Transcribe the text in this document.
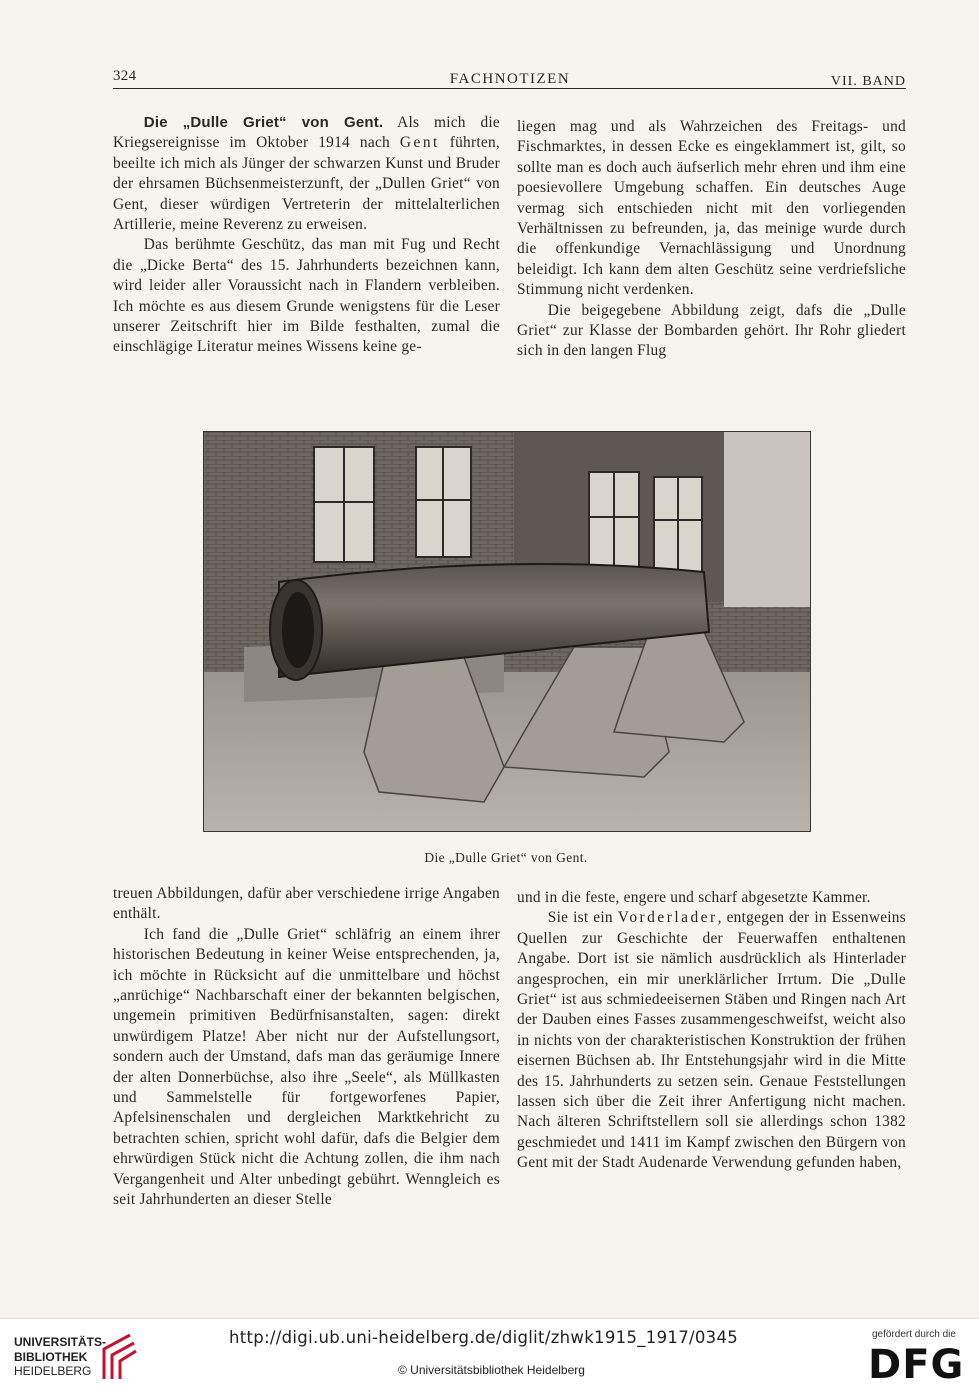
324	FACHNOTIZEN	VII. BAND

Die „Dulle Griet“ von Gent. Als mich die Kriegsereignisse im Oktober 1914 nach Gent führten, beeilte ich mich als Jünger der schwarzen Kunst und Bruder der ehrsamen Büchsenmeisterzunft, der „Dullen Griet“ von Gent, dieser würdigen Vertreterin der mittelalterlichen Artillerie, meine Reverenz zu erweisen.

Das berühmte Geschütz, das man mit Fug und Recht die „Dicke Berta“ des 15. Jahrhunderts bezeichnen kann, wird leider aller Voraussicht nach in Flandern verbleiben. Ich möchte es aus diesem Grunde wenigstens für die Leser unserer Zeitschrift hier im Bilde festhalten, zumal die einschlägige Literatur meines Wissens keine ge-

liegen mag und als Wahrzeichen des Freitags- und Fischmarktes, in dessen Ecke es eingeklammert ist, gilt, so sollte man es doch auch äufserlich mehr ehren und ihm eine poesievollere Umgebung schaffen. Ein deutsches Auge vermag sich entschieden nicht mit den vorliegenden Verhältnissen zu befreunden, ja, das meinige wurde durch die offenkundige Vernachlässigung und Unordnung beleidigt. Ich kann dem alten Geschütz seine verdriefsliche Stimmung nicht verdenken.

Die beigegebene Abbildung zeigt, dafs die „Dulle Griet“ zur Klasse der Bombarden gehört. Ihr Rohr gliedert sich in den langen Flug

Die „Dulle Griet“ von Gent.

treuen Abbildungen, dafür aber verschiedene irrige Angaben enthält.

Ich fand die „Dulle Griet“ schläfrig an einem ihrer historischen Bedeutung in keiner Weise entsprechenden, ja, ich möchte in Rücksicht auf die unmittelbare und höchst „anrüchige“ Nachbarschaft einer der bekannten belgischen, ungemein primitiven Bedürfnisanstalten, sagen: direkt unwürdigem Platze! Aber nicht nur der Aufstellungsort, sondern auch der Umstand, dafs man das geräumige Innere der alten Donnerbüchse, also ihre „Seele“, als Müllkasten und Sammelstelle für fortgeworfenes Papier, Apfelsinenschalen und dergleichen Marktkehricht zu betrachten schien, spricht wohl dafür, dafs die Belgier dem ehrwürdigen Stück nicht die Achtung zollen, die ihm nach Vergangenheit und Alter unbedingt gebührt. Wenngleich es seit Jahrhunderten an dieser Stelle

und in die feste, engere und scharf abgesetzte Kammer.

Sie ist ein Vorderlader, entgegen der in Essenweins Quellen zur Geschichte der Feuerwaffen enthaltenen Angabe. Dort ist sie nämlich ausdrücklich als Hinterlader angesprochen, ein mir unerklärlicher Irrtum. Die „Dulle Griet“ ist aus schmiedeeisernen Stäben und Ringen nach Art der Dauben eines Fasses zusammengeschweifst, weicht also in nichts von der charakteristischen Konstruktion der frühen eisernen Büchsen ab. Ihr Entstehungsjahr wird in die Mitte des 15. Jahrhunderts zu setzen sein. Genaue Feststellungen lassen sich über die Zeit ihrer Anfertigung nicht machen. Nach älteren Schriftstellern soll sie allerdings schon 1382 geschmiedet und 1411 im Kampf zwischen den Bürgern von Gent mit der Stadt Audenarde Verwendung gefunden haben,

UNIVERSITÄTS-
BIBLIOTHEK
HEIDELBERG
http://digi.ub.uni-heidelberg.de/diglit/zhwk1915_1917/0345
© Universitätsbibliothek Heidelberg
gefördert durch die
DFG
